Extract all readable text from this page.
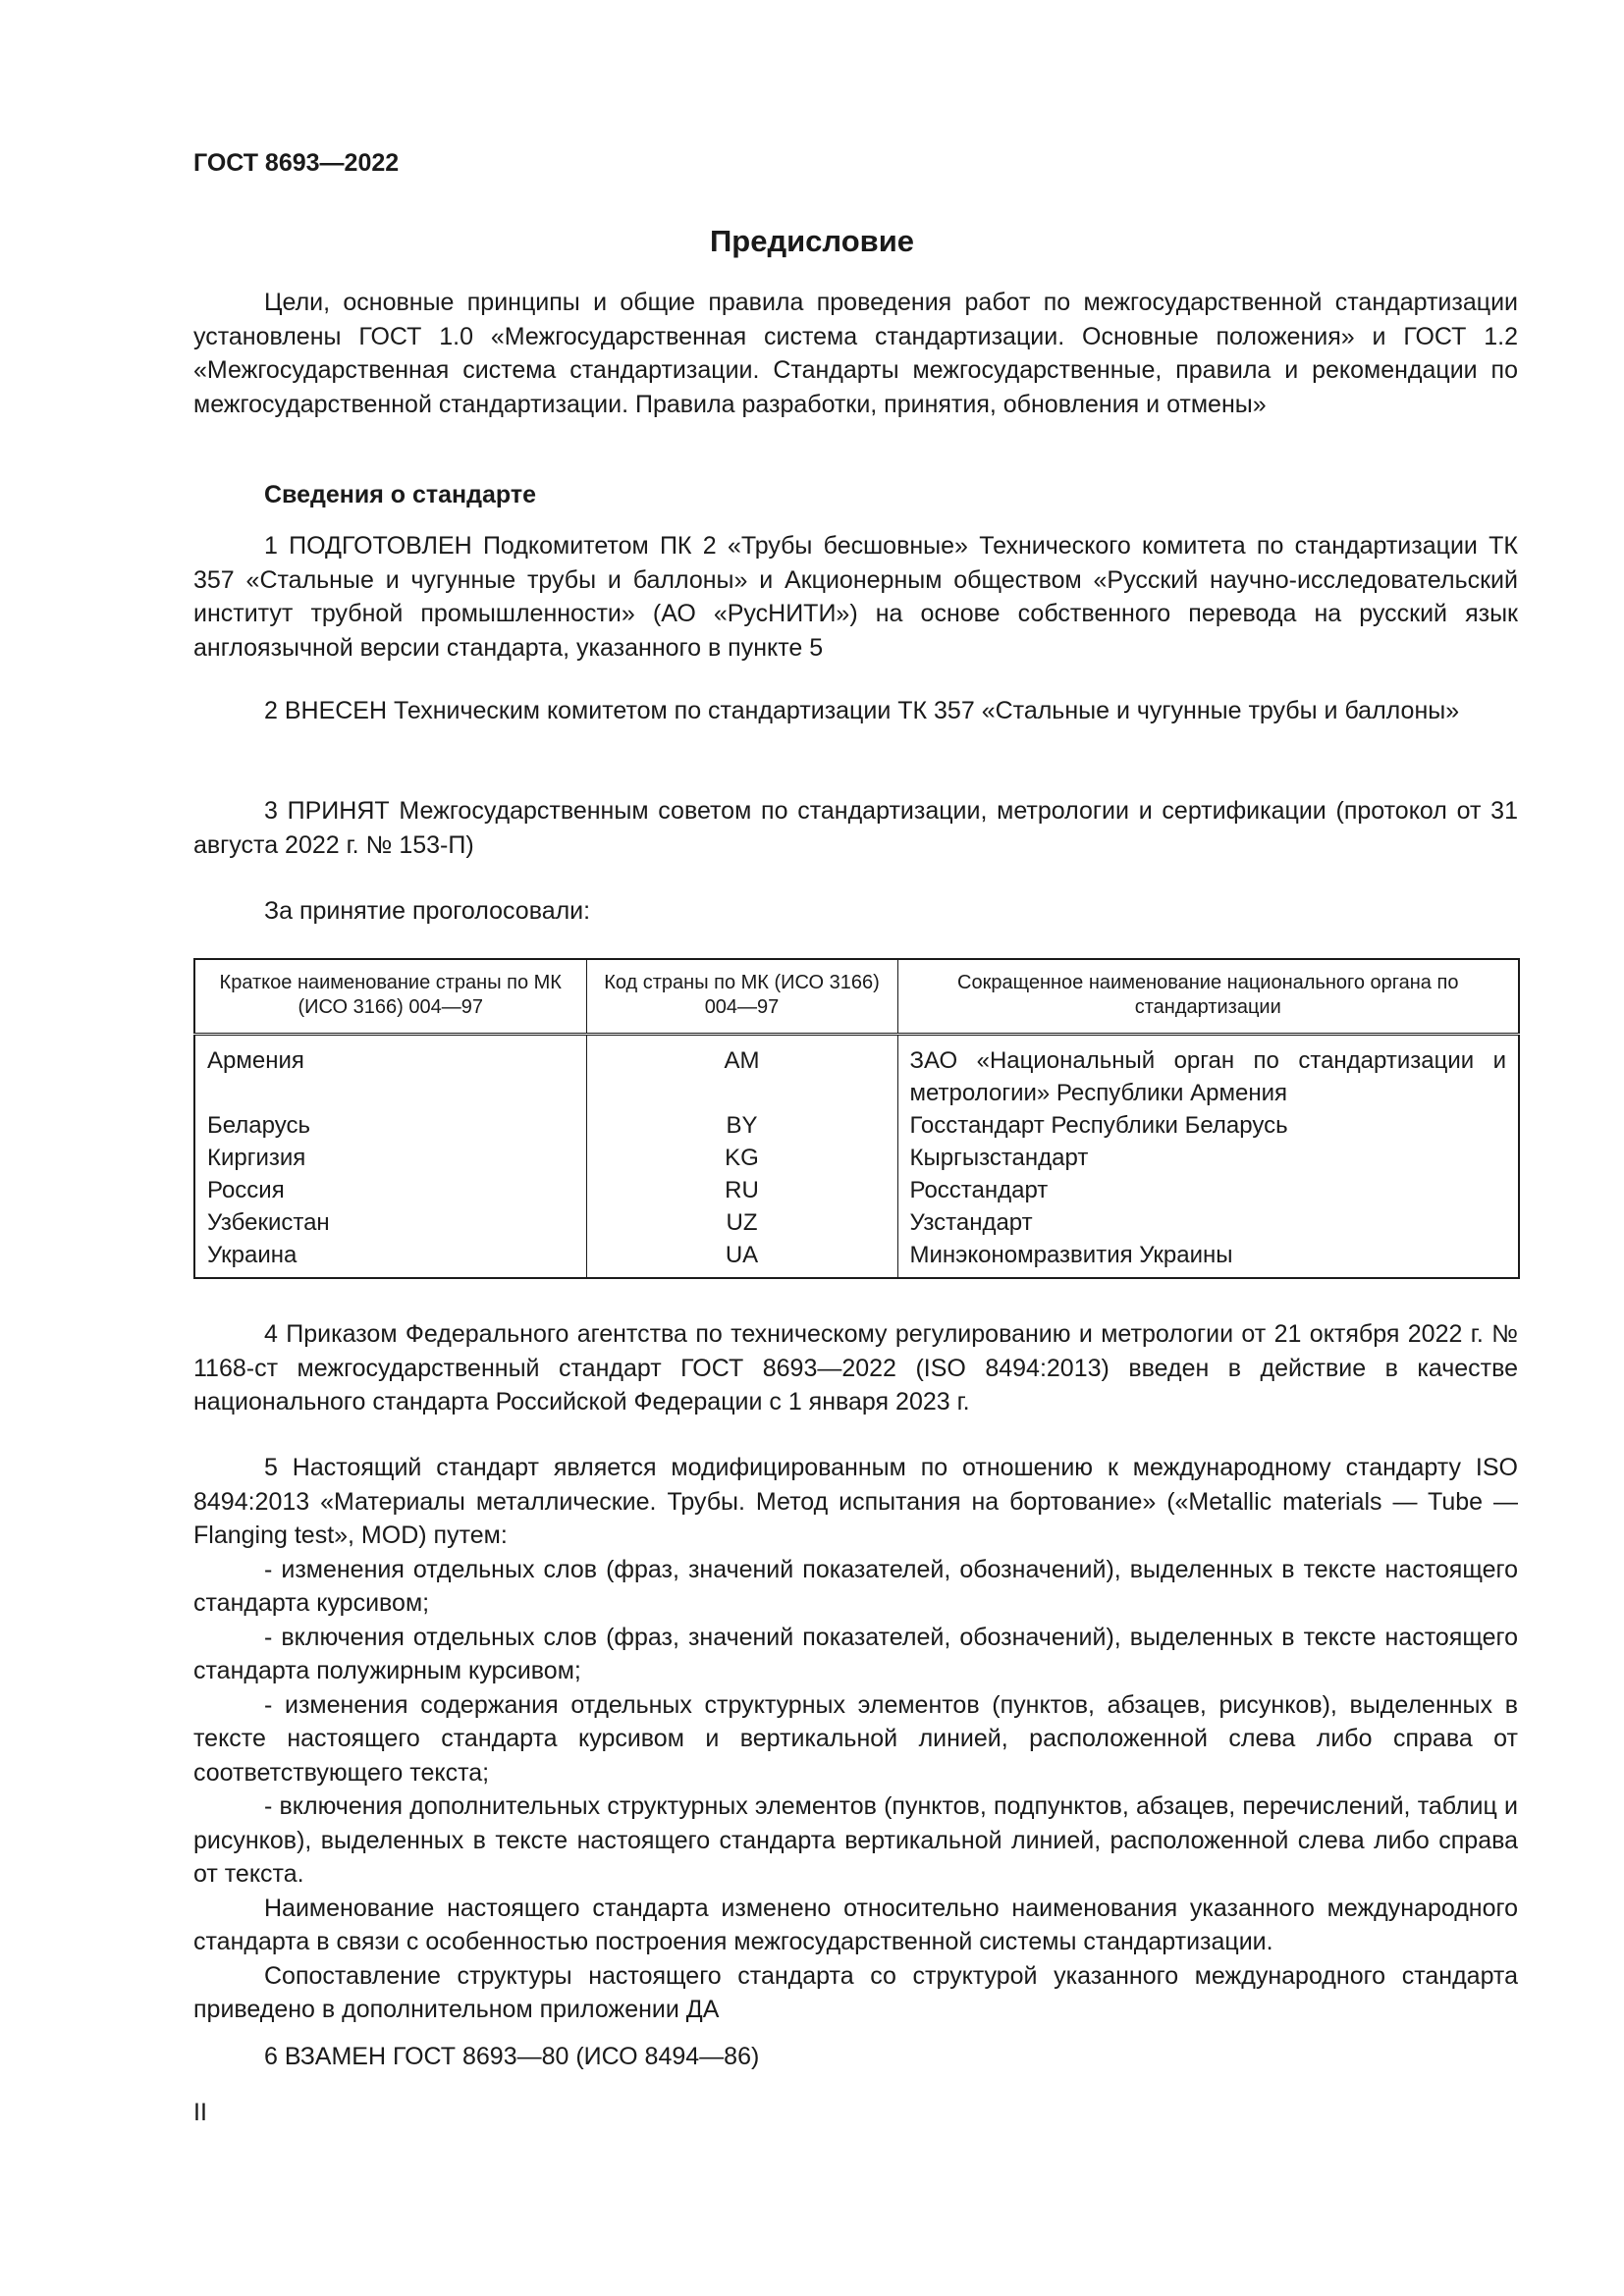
ГОСТ 8693—2022
Предисловие

Цели, основные принципы и общие правила проведения работ по межгосударственной стандартизации установлены ГОСТ 1.0 «Межгосударственная система стандартизации. Основные положения» и ГОСТ 1.2 «Межгосударственная система стандартизации. Стандарты межгосударственные, правила и рекомендации по межгосударственной стандартизации. Правила разработки, принятия, обновления и отмены»

Сведения о стандарте

1 ПОДГОТОВЛЕН Подкомитетом ПК 2 «Трубы бесшовные» Технического комитета по стандартизации ТК 357 «Стальные и чугунные трубы и баллоны» и Акционерным обществом «Русский научно-исследовательский институт трубной промышленности» (АО «РусНИТИ») на основе собственного перевода на русский язык англоязычной версии стандарта, указанного в пункте 5

2 ВНЕСЕН Техническим комитетом по стандартизации ТК 357 «Стальные и чугунные трубы и баллоны»

3 ПРИНЯТ Межгосударственным советом по стандартизации, метрологии и сертификации (протокол от 31 августа 2022 г. № 153-П)

За принятие проголосовали:

Краткое наименование страны по МК (ИСО 3166) 004—97	Код страны по МК (ИСО 3166) 004—97	Сокращенное наименование национального органа по стандартизации
Армения	AM	ЗАО «Национальный орган по стандартизации и метрологии» Республики Армения
Беларусь	BY	Госстандарт Республики Беларусь
Киргизия	KG	Кыргызстандарт
Россия	RU	Росстандарт
Узбекистан	UZ	Узстандарт
Украина	UA	Минэкономразвития Украины

4 Приказом Федерального агентства по техническому регулированию и метрологии от 21 октября 2022 г. № 1168-ст межгосударственный стандарт ГОСТ 8693—2022 (ISO 8494:2013) введен в действие в качестве национального стандарта Российской Федерации с 1 января 2023 г.

5 Настоящий стандарт является модифицированным по отношению к международному стандарту ISO 8494:2013 «Материалы металлические. Трубы. Метод испытания на бортование» («Metallic materials — Tube — Flanging test», MOD) путем:

- изменения отдельных слов (фраз, значений показателей, обозначений), выделенных в тексте настоящего стандарта курсивом;

- включения отдельных слов (фраз, значений показателей, обозначений), выделенных в тексте настоящего стандарта полужирным курсивом;

- изменения содержания отдельных структурных элементов (пунктов, абзацев, рисунков), выделенных в тексте настоящего стандарта курсивом и вертикальной линией, расположенной слева либо справа от соответствующего текста;

- включения дополнительных структурных элементов (пунктов, подпунктов, абзацев, перечислений, таблиц и рисунков), выделенных в тексте настоящего стандарта вертикальной линией, расположенной слева либо справа от текста.

Наименование настоящего стандарта изменено относительно наименования указанного международного стандарта в связи с особенностью построения межгосударственной системы стандартизации.

Сопоставление структуры настоящего стандарта со структурой указанного международного стандарта приведено в дополнительном приложении ДА

6 ВЗАМЕН ГОСТ 8693—80 (ИСО 8494—86)

II
